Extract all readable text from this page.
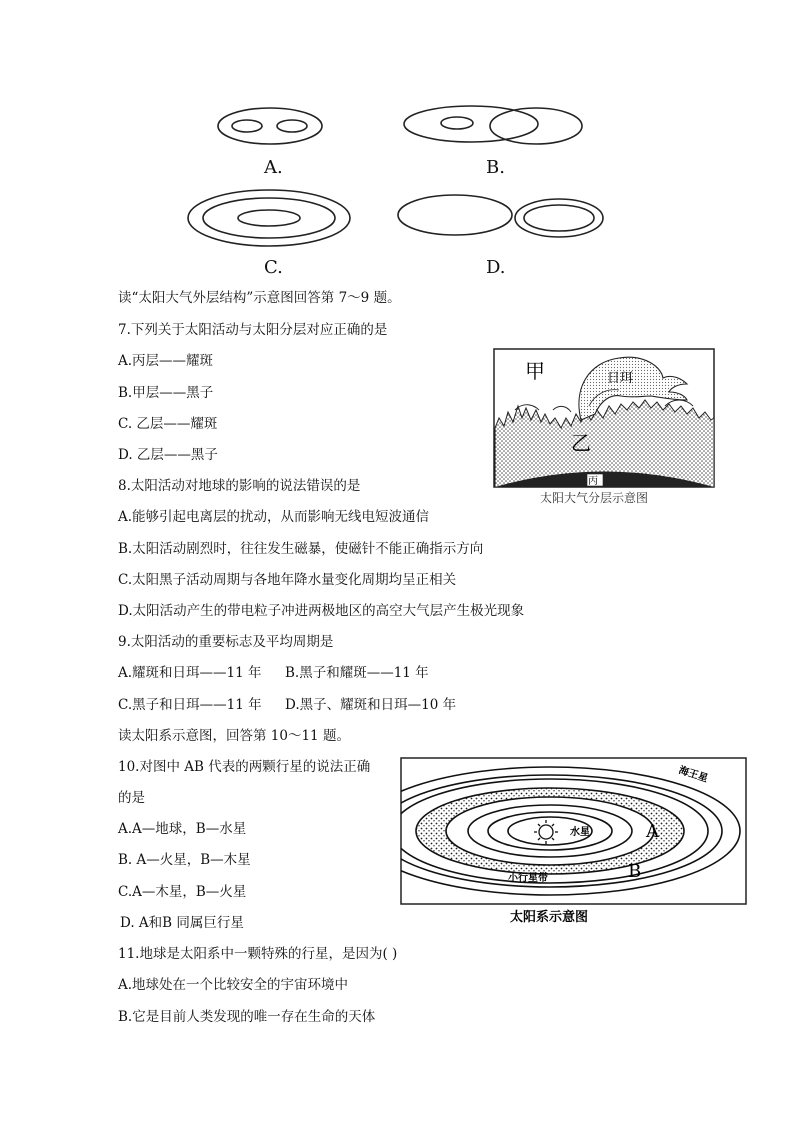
A.	B.
C.	D.
读“太阳大气外层结构”示意图回答第 7～9 题。
7.下列关于太阳活动与太阳分层对应正确的是
A.丙层——耀斑
B.甲层——黑子
C. 乙层——耀斑
D. 乙层——黑子
8.太阳活动对地球的影响的说法错误的是
A.能够引起电离层的扰动，从而影响无线电短波通信
B.太阳活动剧烈时，往往发生磁暴，使磁针不能正确指示方向
C.太阳黑子活动周期与各地年降水量变化周期均呈正相关
D.太阳活动产生的带电粒子冲进两极地区的高空大气层产生极光现象
9.太阳活动的重要标志及平均周期是
A.耀斑和日珥——11 年 B.黑子和耀斑——11 年
C.黑子和日珥——11 年 D.黑子、耀斑和日珥—10 年
读太阳系示意图，回答第 10～11 题。
10.对图中 AB 代表的两颗行星的说法正确
的是
A.A—地球，B—水星
B. A—火星，B—木星
C.A—木星，B—火星
D. A和B 同属巨行星
11.地球是太阳系中一颗特殊的行星，是因为( )
A.地球处在一个比较安全的宇宙环境中
B.它是目前人类发现的唯一存在生命的天体
甲
乙
日珥
丙
太阳大气分层示意图
海王星
水星	A
B
小行星带
太阳系示意图
